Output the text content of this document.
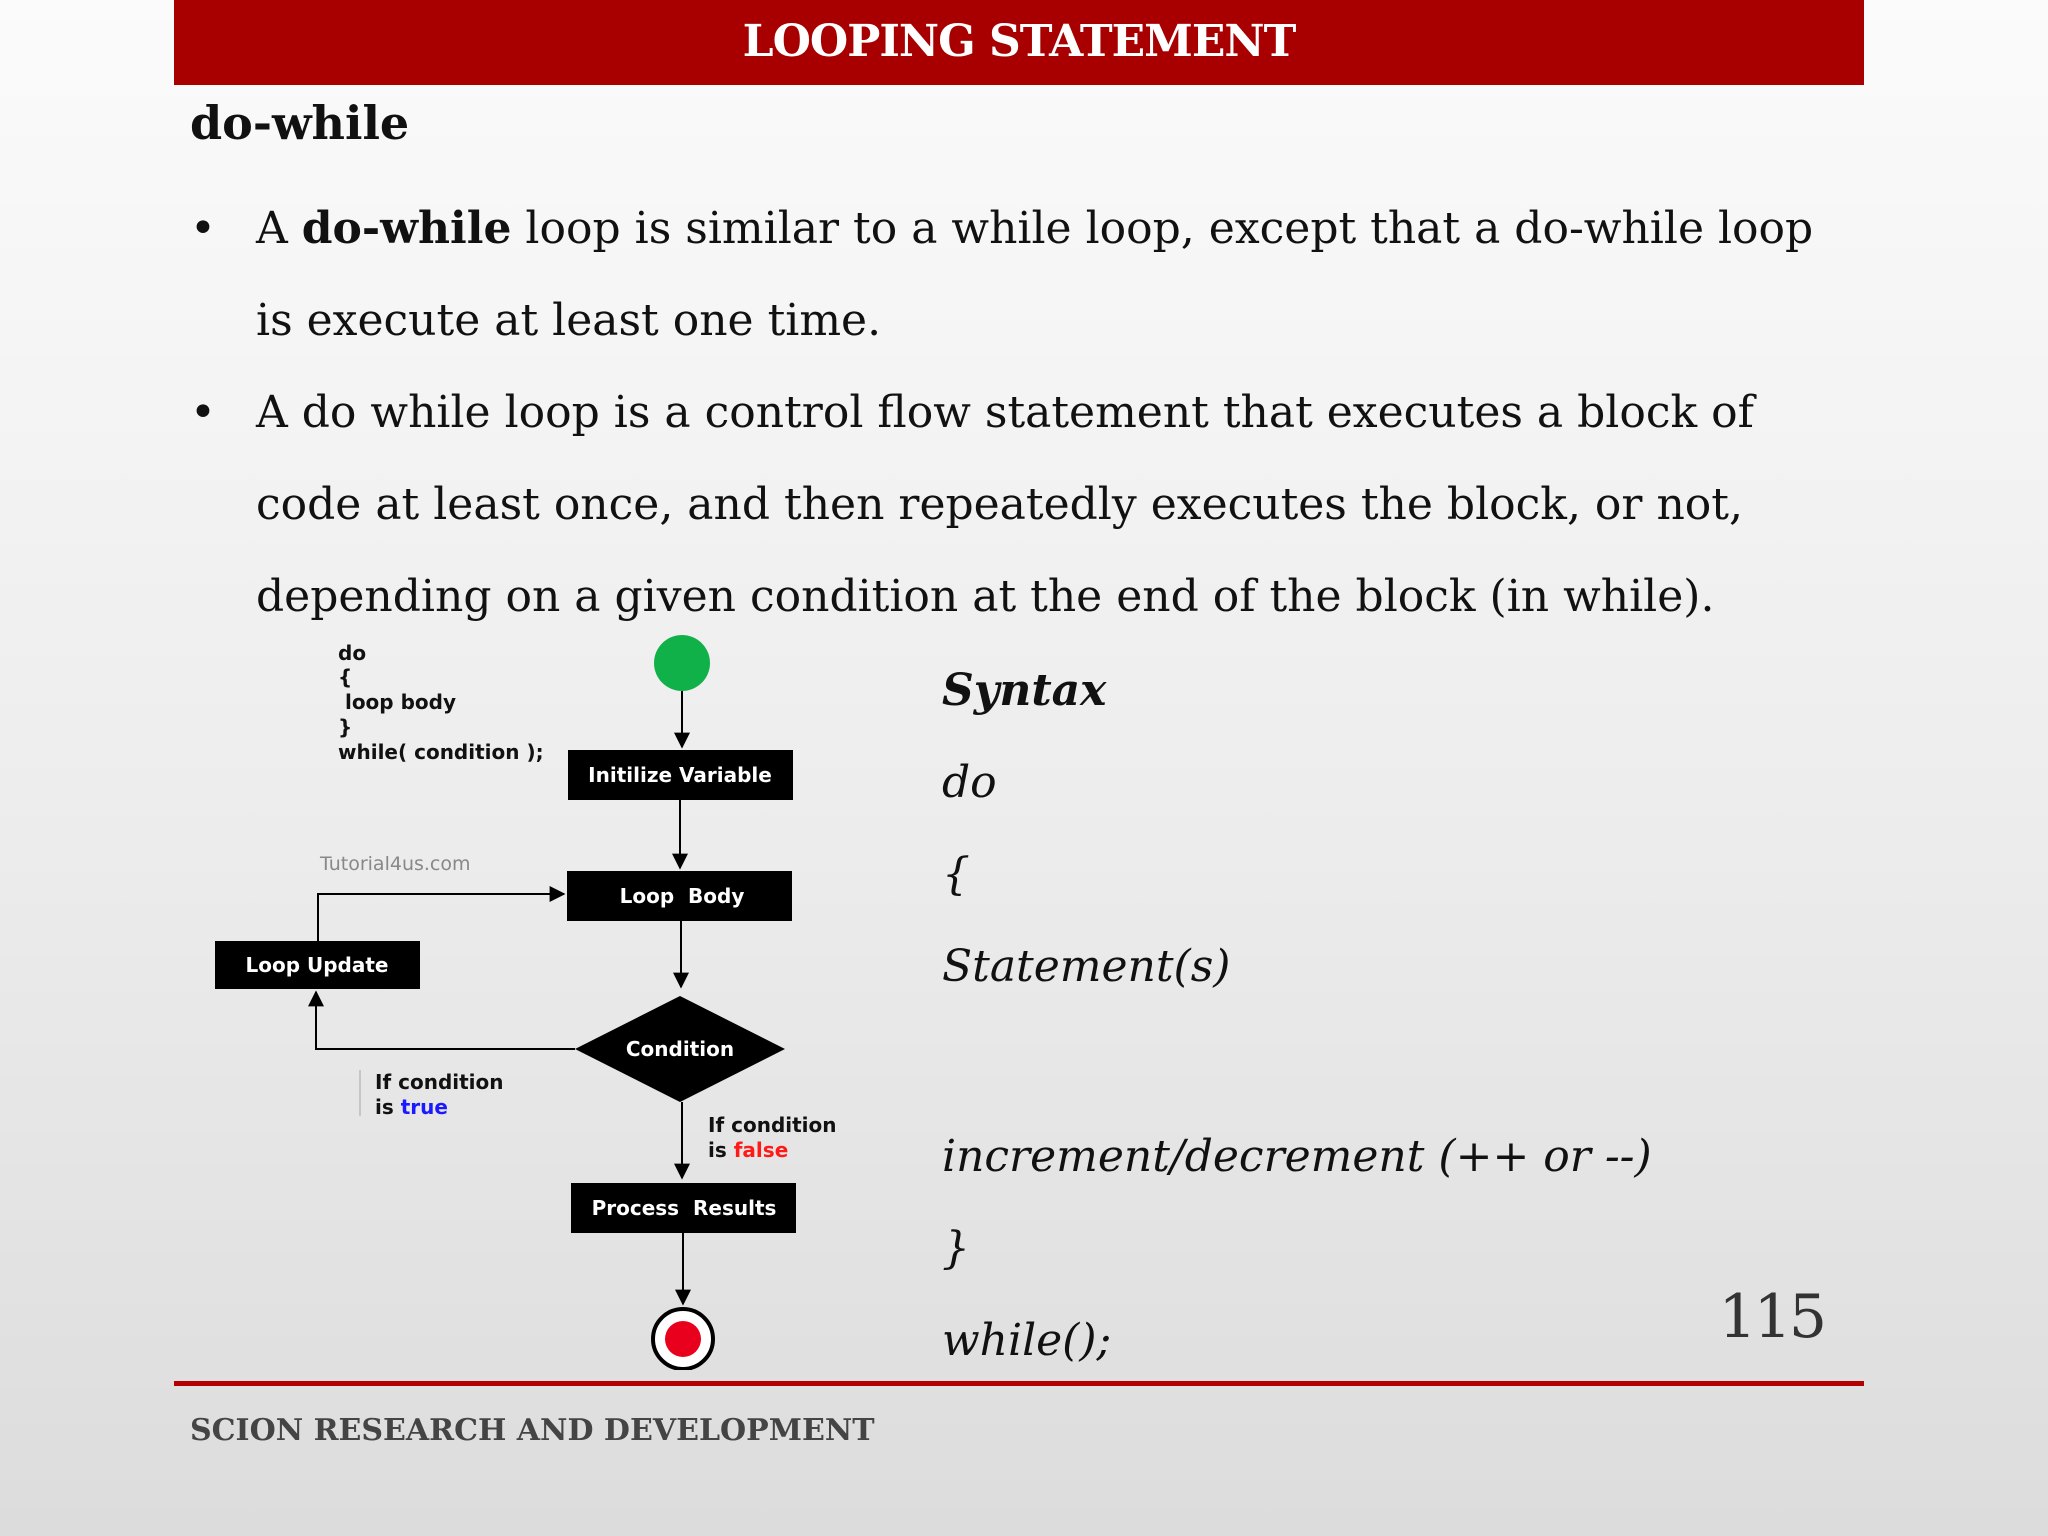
LOOPING STATEMENT
do-while

• A do-while loop is similar to a while loop, except that a do-while loop is execute at least one time.

• A do while loop is a control flow statement that executes a block of code at least once, and then repeatedly executes the block, or not, depending on a given condition at the end of the block (in while).

do
{
loop body
}
while( condition );
Tutorial4us.com
Initilize Variable
Loop  Body
Loop Update
Condition
If condition
is true
If condition
is false
Process  Results
Syntax
do
{
Statement(s)
increment/decrement (++ or --)
}
while();	115
SCION RESEARCH AND DEVELOPMENT
